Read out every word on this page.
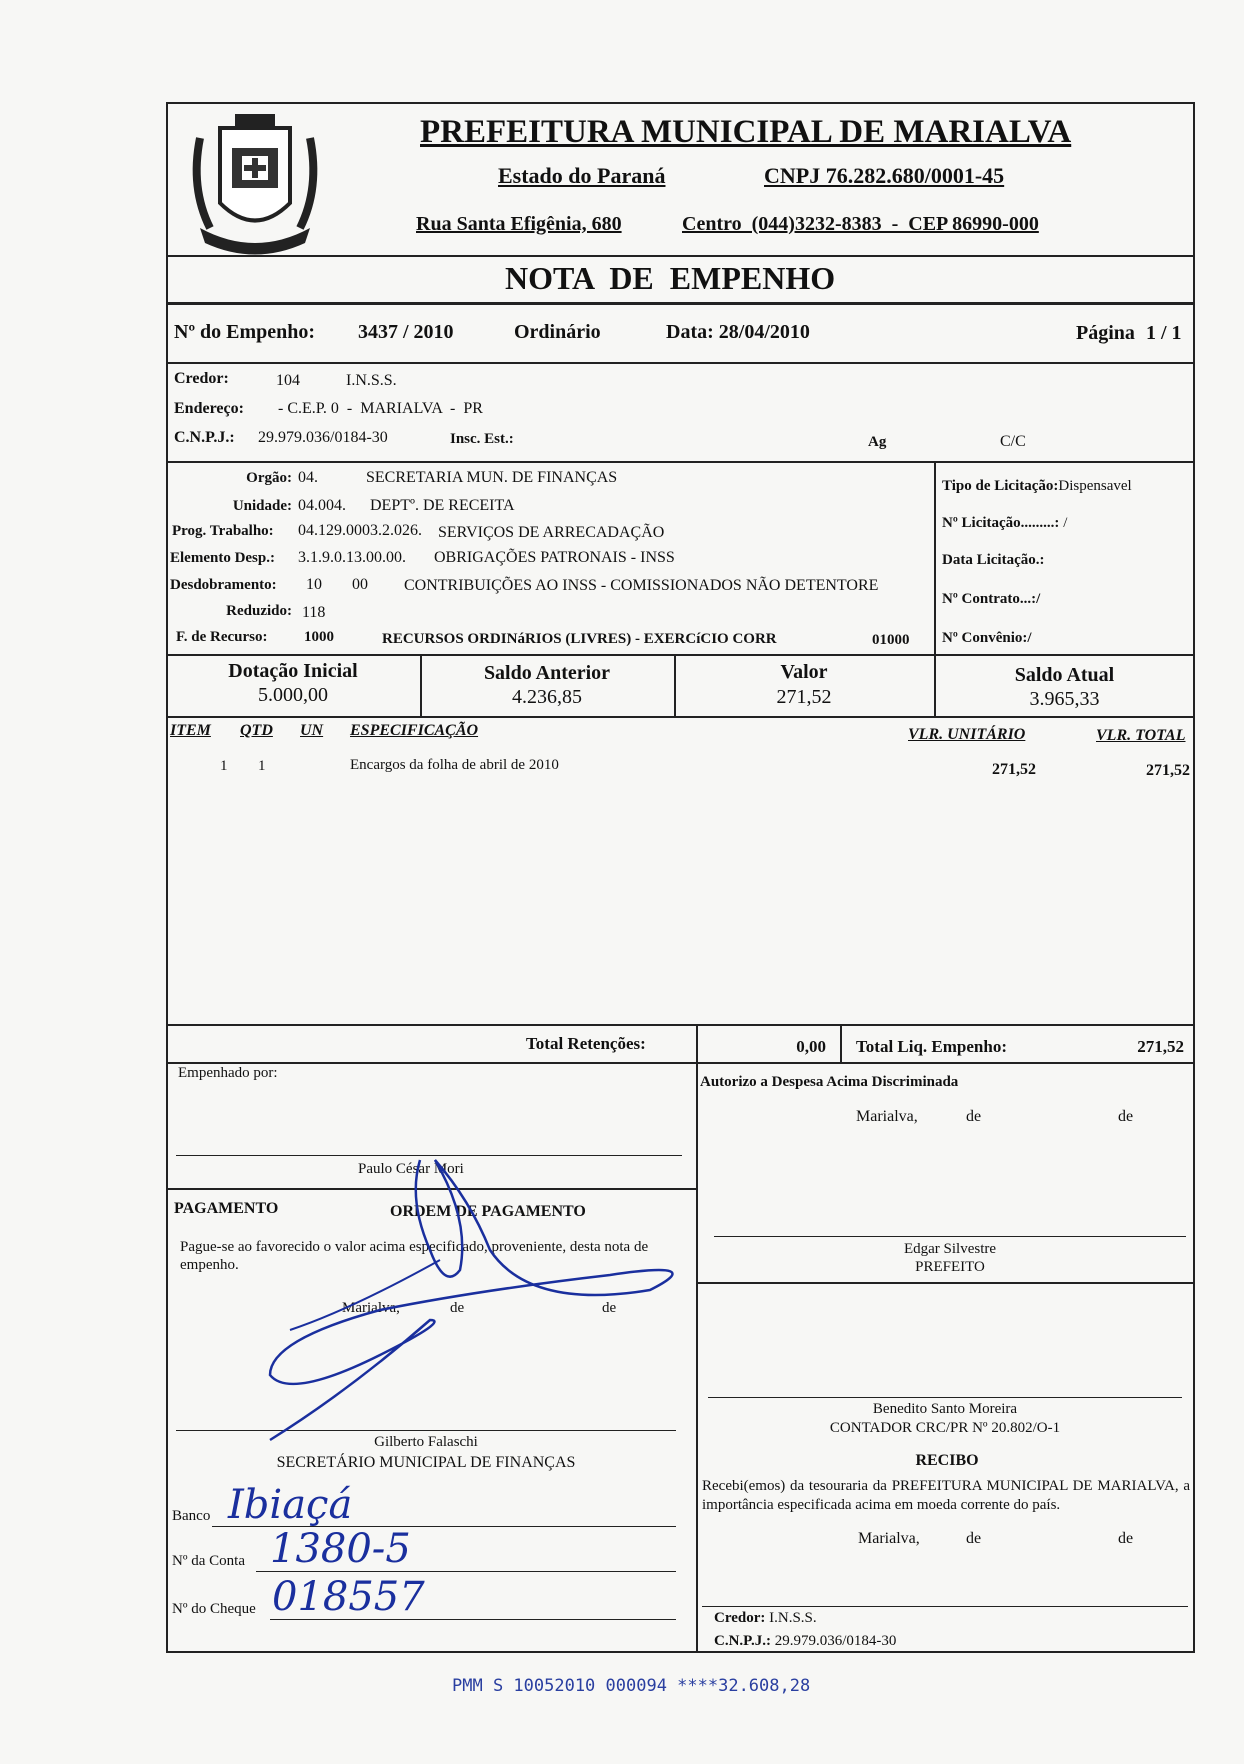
PREFEITURA MUNICIPAL DE MARIALVA
Estado do Paraná	CNPJ 76.282.680/0001-45
Rua Santa Efigênia, 680	Centro  (044)3232-8383  -  CEP 86990-000
NOTA  DE  EMPENHO
Nº do Empenho: 3437 / 2010	Ordinário	Data: 28/04/2010	Página 1 / 1
Credor:	104	I.N.S.S.
Endereço: - C.E.P. 0  -  MARIALVA  -  PR
C.N.P.J.: 29.979.036/0184-30	Insc. Est.:	Ag	C/C
Orgão: 04.	SECRETARIA MUN. DE FINANÇAS
Unidade: 04.004. DEPTº. DE RECEITA
Prog. Trabalho: 04.129.0003.2.026. SERVIÇOS DE ARRECADAÇÃO
Elemento Desp.: 3.1.9.0.13.00.00. OBRIGAÇÕES PATRONAIS - INSS
Desdobramento: 10 00 CONTRIBUIÇÕES AO INSS - COMISSIONADOS NÃO DETENTORE
Reduzido: 118
F. de Recurso: 1000	RECURSOS ORDINáRIOS (LIVRES) - EXERCíCIO CORR	01000
Tipo de Licitação:Dispensavel
Nº Licitação.........: /
Data Licitação.:
Nº Contrato...:/
Nº Convênio:/
Dotação Inicial
5.000,00
Saldo Anterior
4.236,85
Valor
271,52
Saldo Atual
3.965,33
ITEM QTD UN ESPECIFICAÇÃO	VLR. UNITÁRIO	VLR. TOTAL
1 1	Encargos da folha de abril de 2010	271,52	271,52
Total Retenções:	0,00 Total Liq. Empenho:	271,52
Empenhado por:
Paulo César Mori
Autorizo a Despesa Acima Discriminada
Marialva,	de	de
Edgar Silvestre
PREFEITO
Benedito Santo Moreira
CONTADOR CRC/PR Nº 20.802/O-1
PAGAMENTO	ORDEM DE PAGAMENTO
Pague-se ao favorecido o valor acima especificado, proveniente, desta nota de empenho.
Marialva,	de	de
Gilberto Falaschi
SECRETÁRIO MUNICIPAL DE FINANÇAS
Banco Ibiaçá
Nº da Conta 1380-5
Nº do Cheque 018557
RECIBO
Recebi(emos) da tesouraria da PREFEITURA MUNICIPAL DE MARIALVA, a importância especificada acima em moeda corrente do país.
Marialva,	de	de
Credor: I.N.S.S.
C.N.P.J.: 29.979.036/0184-30
PMM S 10052010 000094 ****32.608,28
